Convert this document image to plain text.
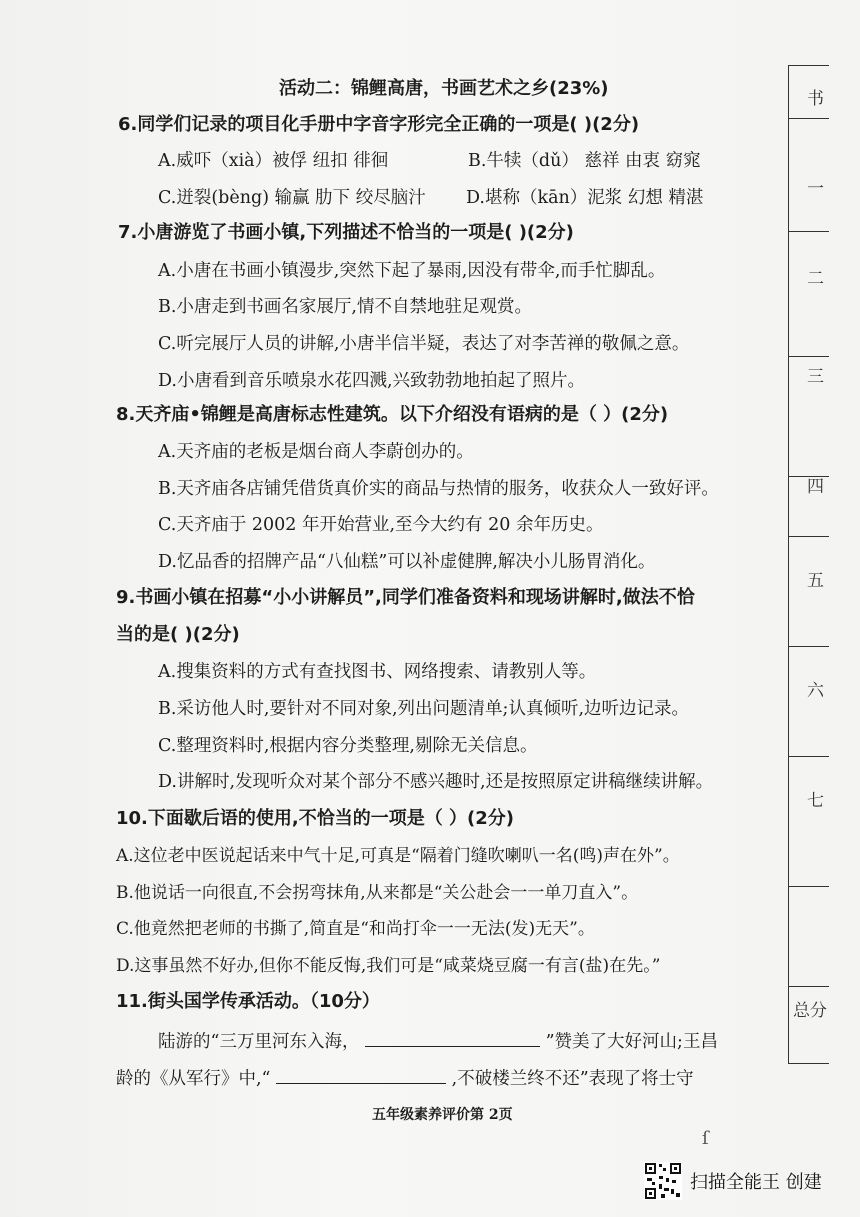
活动二：锦鲤高唐，书画艺术之乡(23%)
6.同学们记录的项目化手册中字音字形完全正确的一项是( )(2分)
A.威吓（xià）被俘 纽扣 徘徊	B.牛犊（dǔ） 慈祥 由衷 窈窕
C.迸裂(bèng) 输赢 肋下 绞尽脑汁 D.堪称（kān）泥浆 幻想 精湛
7.小唐游览了书画小镇,下列描述不恰当的一项是( )(2分)
A.小唐在书画小镇漫步,突然下起了暴雨,因没有带伞,而手忙脚乱。
B.小唐走到书画名家展厅,情不自禁地驻足观赏。
C.听完展厅人员的讲解,小唐半信半疑，表达了对李苦禅的敬佩之意。
D.小唐看到音乐喷泉水花四溅,兴致勃勃地拍起了照片。
8.天齐庙•锦鲤是高唐标志性建筑。以下介绍没有语病的是（ ）(2分)
A.天齐庙的老板是烟台商人李蔚创办的。
B.天齐庙各店铺凭借货真价实的商品与热情的服务，收获众人一致好评。
C.天齐庙于 2002 年开始营业,至今大约有 20 余年历史。
D.忆品香的招牌产品“八仙糕”可以补虚健脾,解决小儿肠胃消化。
9.书画小镇在招募“小小讲解员”,同学们准备资料和现场讲解时,做法不恰
当的是( )(2分)
A.搜集资料的方式有查找图书、网络搜索、请教别人等。
B.采访他人时,要针对不同对象,列出问题清单;认真倾听,边听边记录。
C.整理资料时,根据内容分类整理,剔除无关信息。
D.讲解时,发现听众对某个部分不感兴趣时,还是按照原定讲稿继续讲解。
10.下面歇后语的使用,不恰当的一项是（ ）(2分)
A.这位老中医说起话来中气十足,可真是“隔着门缝吹喇叭一名(鸣)声在外”。
B.他说话一向很直,不会拐弯抹角,从来都是“关公赴会一一单刀直入”。
C.他竟然把老师的书撕了,简直是“和尚打伞一一无法(发)无天”。
D.这事虽然不好办,但你不能反悔,我们可是“咸菜烧豆腐一有言(盐)在先。”
11.街头国学传承活动。（10分）
陆游的“三万里河东入海，	”赞美了大好河山;王昌
龄的《从军行》中,“	,不破楼兰终不还”表现了将士守
五年级素养评价第 2页
书
一
二
三
四
五
六
七
总分
ſ
扫描全能王 创建
